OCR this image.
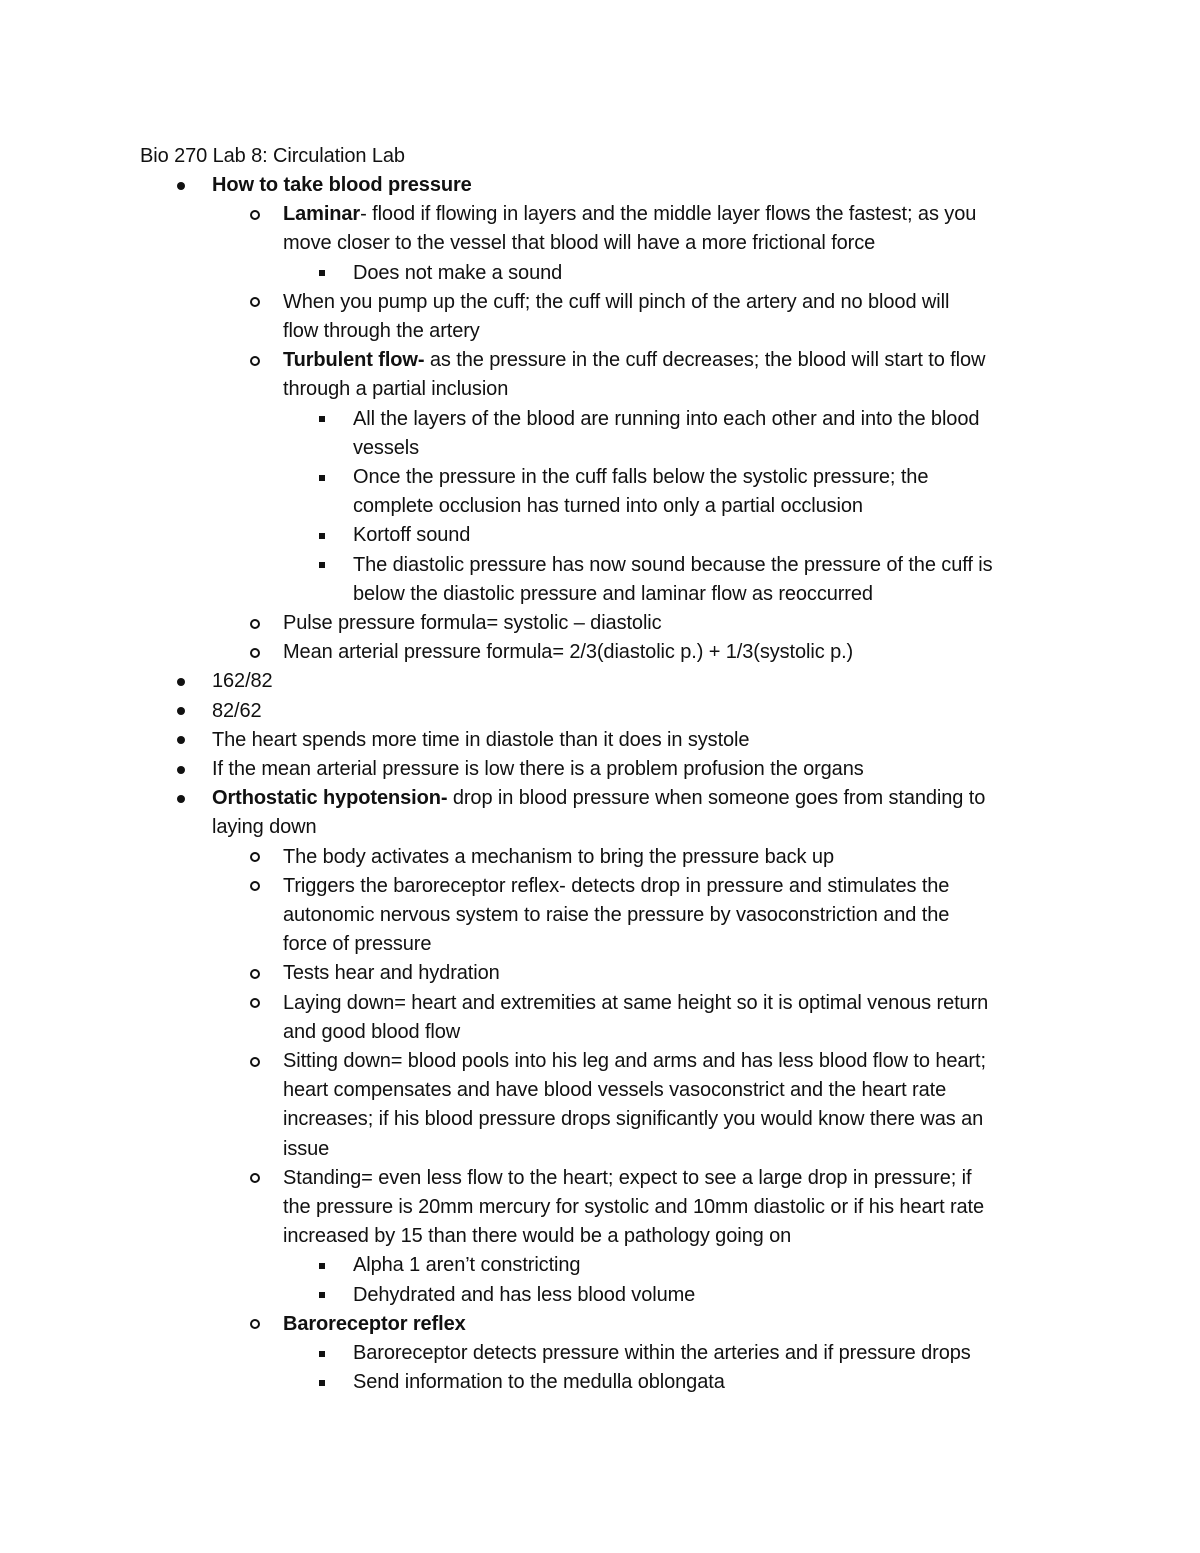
Bio 270 Lab 8: Circulation Lab
How to take blood pressure
Laminar- flood if flowing in layers and the middle layer flows the fastest; as you
move closer to the vessel that blood will have a more frictional force
Does not make a sound
When you pump up the cuff; the cuff will pinch of the artery and no blood will
flow through the artery
Turbulent flow- as the pressure in the cuff decreases; the blood will start to flow
through a partial inclusion
All the layers of the blood are running into each other and into the blood
vessels
Once the pressure in the cuff falls below the systolic pressure; the
complete occlusion has turned into only a partial occlusion
Kortoff sound
The diastolic pressure has now sound because the pressure of the cuff is
below the diastolic pressure and laminar flow as reoccurred
Pulse pressure formula= systolic – diastolic
Mean arterial pressure formula= 2/3(diastolic p.) + 1/3(systolic p.)
162/82
82/62
The heart spends more time in diastole than it does in systole
If the mean arterial pressure is low there is a problem profusion the organs
Orthostatic hypotension- drop in blood pressure when someone goes from standing to
laying down
The body activates a mechanism to bring the pressure back up
Triggers the baroreceptor reflex- detects drop in pressure and stimulates the
autonomic nervous system to raise the pressure by vasoconstriction and the
force of pressure
Tests hear and hydration
Laying down= heart and extremities at same height so it is optimal venous return
and good blood flow
Sitting down= blood pools into his leg and arms and has less blood flow to heart;
heart compensates and have blood vessels vasoconstrict and the heart rate
increases; if his blood pressure drops significantly you would know there was an
issue
Standing= even less flow to the heart; expect to see a large drop in pressure; if
the pressure is 20mm mercury for systolic and 10mm diastolic or if his heart rate
increased by 15 than there would be a pathology going on
Alpha 1 aren’t constricting
Dehydrated and has less blood volume
Baroreceptor reflex
Baroreceptor detects pressure within the arteries and if pressure drops
Send information to the medulla oblongata
